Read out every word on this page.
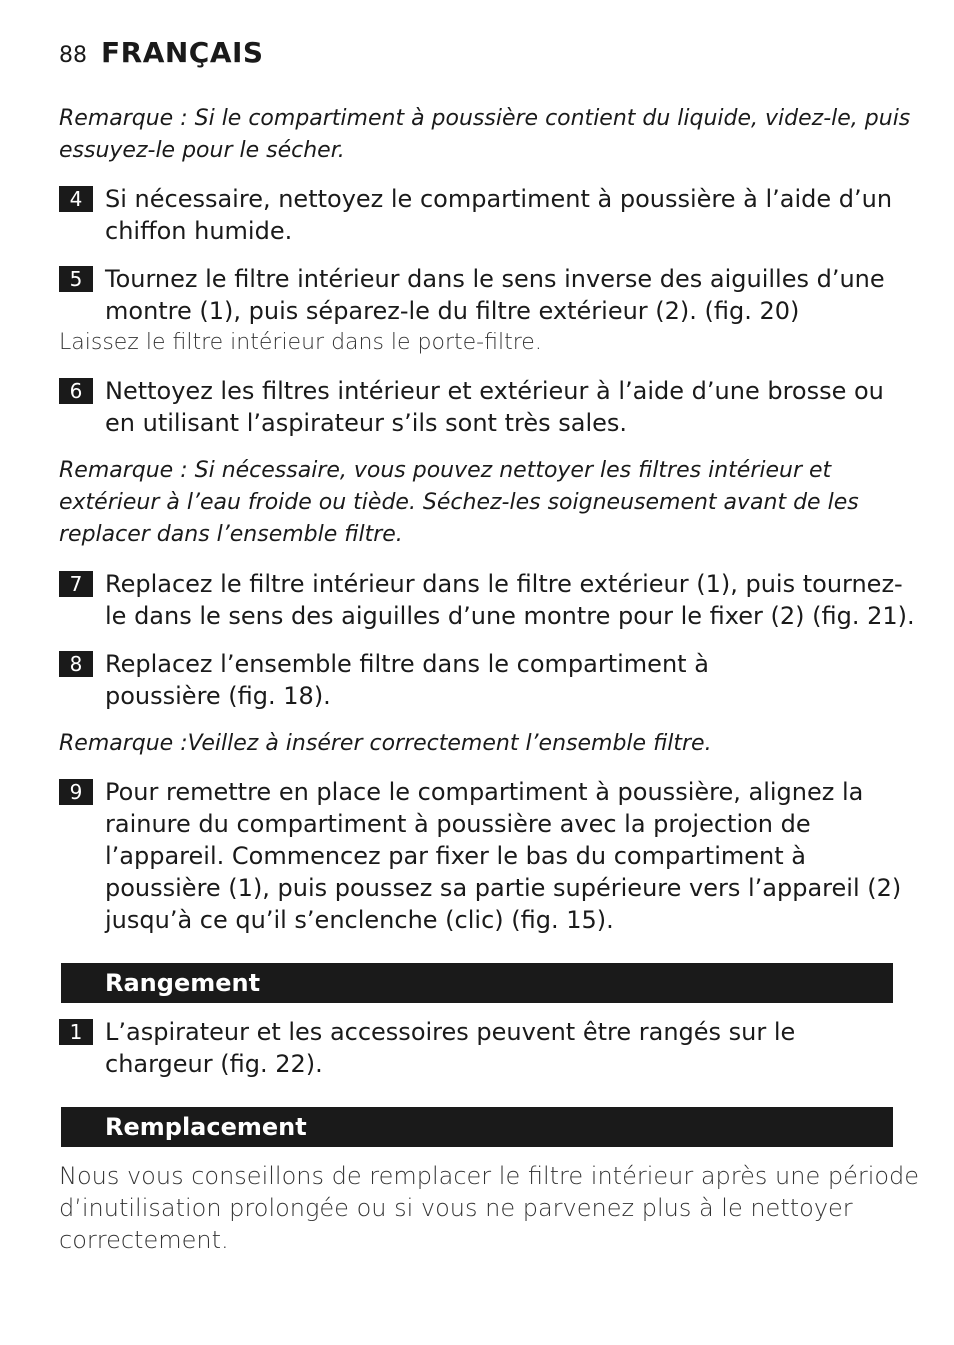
88 FRANÇAIS
Remarque : Si le compartiment à poussière contient du liquide, videz-le, puis
essuyez-le pour le sécher.
4 Si nécessaire, nettoyez le compartiment à poussière à l’aide d’un
chiffon humide.
5 Tournez le filtre intérieur dans le sens inverse des aiguilles d’une
montre (1), puis séparez-le du filtre extérieur (2). (fig. 20)
Laissez le filtre intérieur dans le porte-filtre.
6 Nettoyez les filtres intérieur et extérieur à l’aide d’une brosse ou
en utilisant l’aspirateur s’ils sont très sales.
Remarque : Si nécessaire, vous pouvez nettoyer les filtres intérieur et
extérieur à l’eau froide ou tiède. Séchez-les soigneusement avant de les
replacer dans l’ensemble filtre.
7 Replacez le filtre intérieur dans le filtre extérieur (1), puis tournez-
le dans le sens des aiguilles d’une montre pour le fixer (2) (fig. 21).
8 Replacez l’ensemble filtre dans le compartiment à
poussière (fig. 18).
Remarque :Veillez à insérer correctement l’ensemble filtre.
9 Pour remettre en place le compartiment à poussière, alignez la
rainure du compartiment à poussière avec la projection de
l’appareil. Commencez par fixer le bas du compartiment à
poussière (1), puis poussez sa partie supérieure vers l’appareil (2)
jusqu’à ce qu’il s’enclenche (clic) (fig. 15).
Rangement
1 L’aspirateur et les accessoires peuvent être rangés sur le
chargeur (fig. 22).
Remplacement
Nous vous conseillons de remplacer le filtre intérieur après une période
d’inutilisation prolongée ou si vous ne parvenez plus à le nettoyer
correctement.
